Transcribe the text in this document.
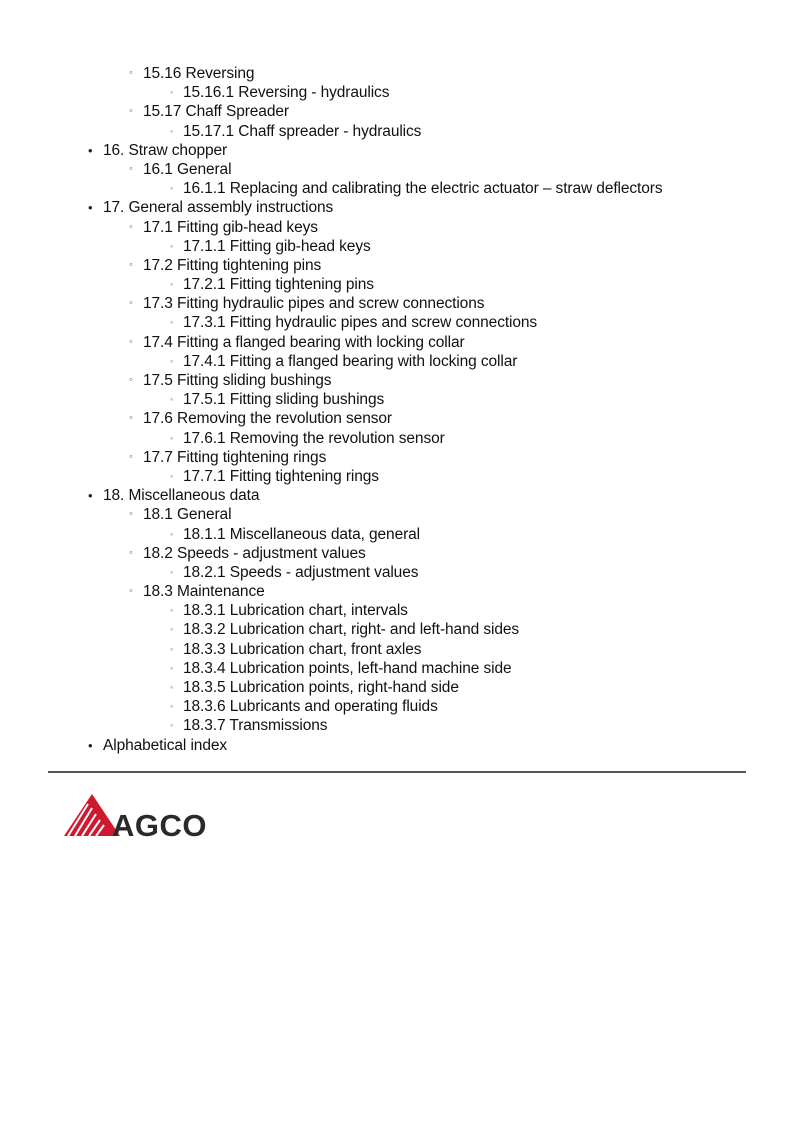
◦ 15.16 Reversing
◦ 15.16.1 Reversing - hydraulics
◦ 15.17 Chaff Spreader
◦ 15.17.1 Chaff spreader - hydraulics
• 16. Straw chopper
◦ 16.1 General
◦ 16.1.1 Replacing and calibrating the electric actuator – straw deflectors
• 17. General assembly instructions
◦ 17.1 Fitting gib-head keys
◦ 17.1.1 Fitting gib-head keys
◦ 17.2 Fitting tightening pins
◦ 17.2.1 Fitting tightening pins
◦ 17.3 Fitting hydraulic pipes and screw connections
◦ 17.3.1 Fitting hydraulic pipes and screw connections
◦ 17.4 Fitting a flanged bearing with locking collar
◦ 17.4.1 Fitting a flanged bearing with locking collar
◦ 17.5 Fitting sliding bushings
◦ 17.5.1 Fitting sliding bushings
◦ 17.6 Removing the revolution sensor
◦ 17.6.1 Removing the revolution sensor
◦ 17.7 Fitting tightening rings
◦ 17.7.1 Fitting tightening rings
• 18. Miscellaneous data
◦ 18.1 General
◦ 18.1.1 Miscellaneous data, general
◦ 18.2 Speeds - adjustment values
◦ 18.2.1 Speeds - adjustment values
◦ 18.3 Maintenance
◦ 18.3.1 Lubrication chart, intervals
◦ 18.3.2 Lubrication chart, right- and left-hand sides
◦ 18.3.3 Lubrication chart, front axles
◦ 18.3.4 Lubrication points, left-hand machine side
◦ 18.3.5 Lubrication points, right-hand side
◦ 18.3.6 Lubricants and operating fluids
◦ 18.3.7 Transmissions
• Alphabetical index
AGCO
